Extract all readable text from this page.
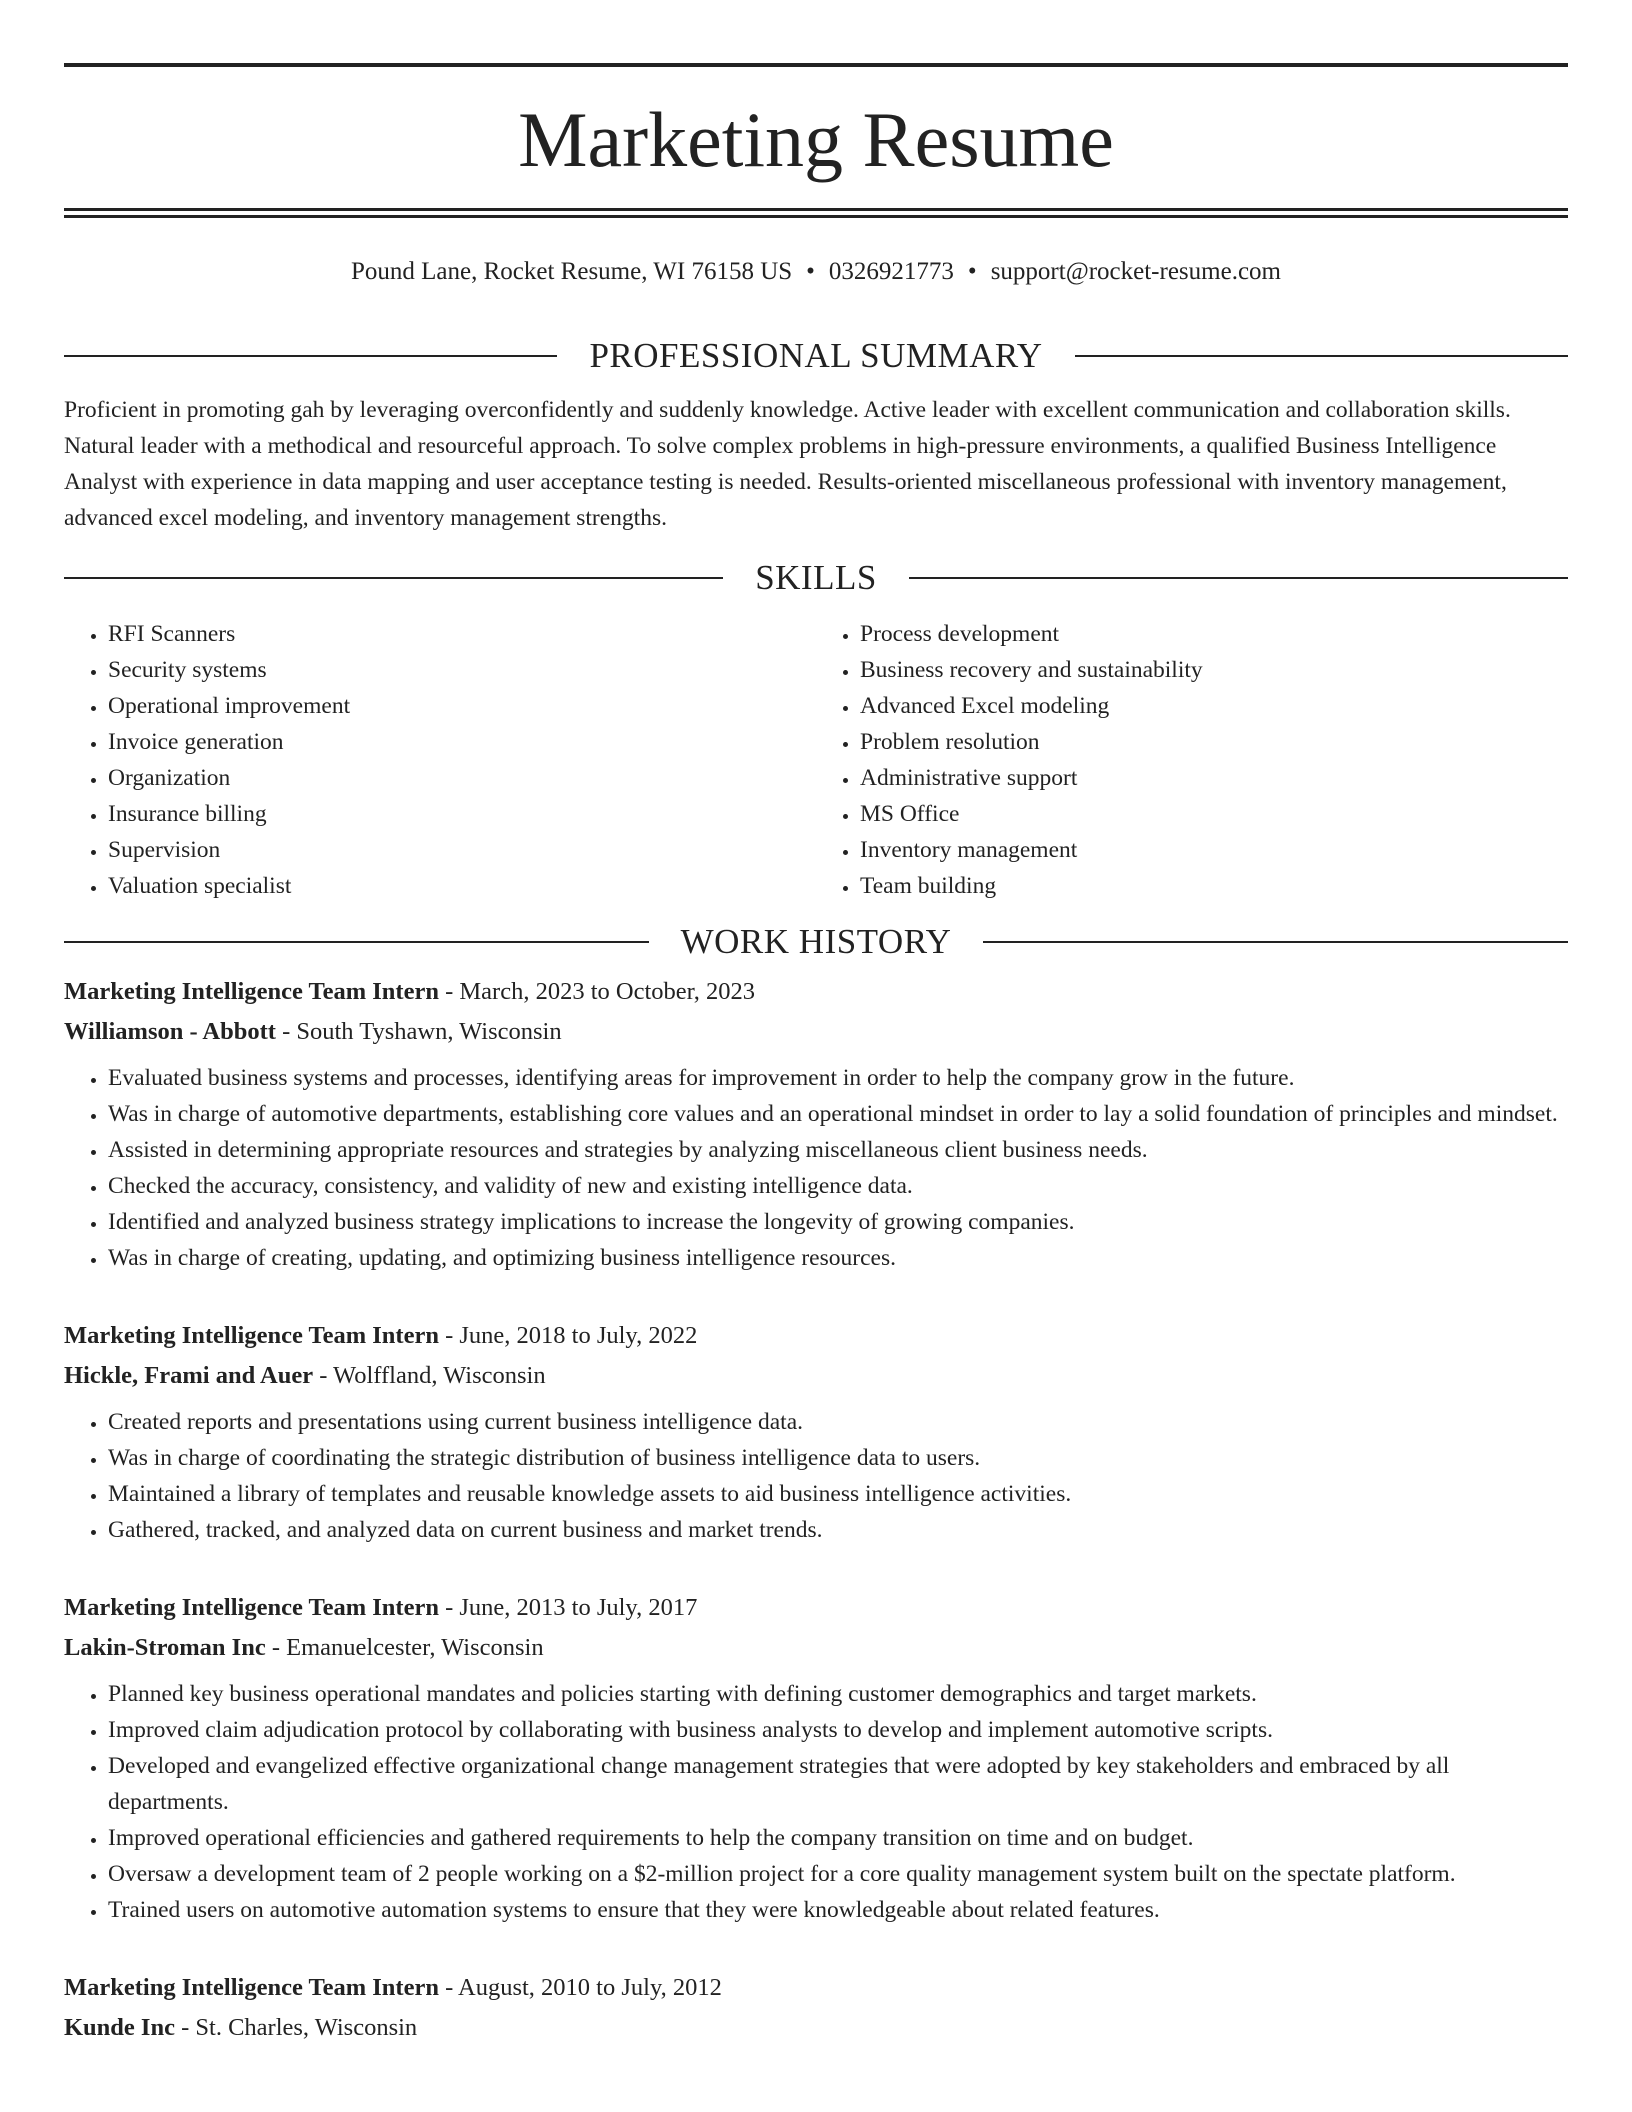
Marketing Resume
Pound Lane, Rocket Resume, WI 76158 US • 0326921773 • support@rocket-resume.com
PROFESSIONAL SUMMARY

Proficient in promoting gah by leveraging overconfidently and suddenly knowledge. Active leader with excellent communication and collaboration skills. Natural leader with a methodical and resourceful approach. To solve complex problems in high-pressure environments, a qualified Business Intelligence Analyst with experience in data mapping and user acceptance testing is needed. Results-oriented miscellaneous professional with inventory management, advanced excel modeling, and inventory management strengths.

SKILLS
• RFI Scanners
• Security systems
• Operational improvement
• Invoice generation
• Organization
• Insurance billing
• Supervision
• Valuation specialist
• Process development
• Business recovery and sustainability
• Advanced Excel modeling
• Problem resolution
• Administrative support
• MS Office
• Inventory management
• Team building
WORK HISTORY
Marketing Intelligence Team Intern - March, 2023 to October, 2023
Williamson - Abbott - South Tyshawn, Wisconsin
• Evaluated business systems and processes, identifying areas for improvement in order to help the company grow in the future.
• Was in charge of automotive departments, establishing core values and an operational mindset in order to lay a solid foundation of principles and mindset.
• Assisted in determining appropriate resources and strategies by analyzing miscellaneous client business needs.
• Checked the accuracy, consistency, and validity of new and existing intelligence data.
• Identified and analyzed business strategy implications to increase the longevity of growing companies.
• Was in charge of creating, updating, and optimizing business intelligence resources.
Marketing Intelligence Team Intern - June, 2018 to July, 2022
Hickle, Frami and Auer - Wolffland, Wisconsin
• Created reports and presentations using current business intelligence data.
• Was in charge of coordinating the strategic distribution of business intelligence data to users.
• Maintained a library of templates and reusable knowledge assets to aid business intelligence activities.
• Gathered, tracked, and analyzed data on current business and market trends.
Marketing Intelligence Team Intern - June, 2013 to July, 2017
Lakin-Stroman Inc - Emanuelcester, Wisconsin
• Planned key business operational mandates and policies starting with defining customer demographics and target markets.
• Improved claim adjudication protocol by collaborating with business analysts to develop and implement automotive scripts.
• Developed and evangelized effective organizational change management strategies that were adopted by key stakeholders and embraced by all departments.
• Improved operational efficiencies and gathered requirements to help the company transition on time and on budget.
• Oversaw a development team of 2 people working on a $2-million project for a core quality management system built on the spectate platform.
• Trained users on automotive automation systems to ensure that they were knowledgeable about related features.
Marketing Intelligence Team Intern - August, 2010 to July, 2012
Kunde Inc - St. Charles, Wisconsin
